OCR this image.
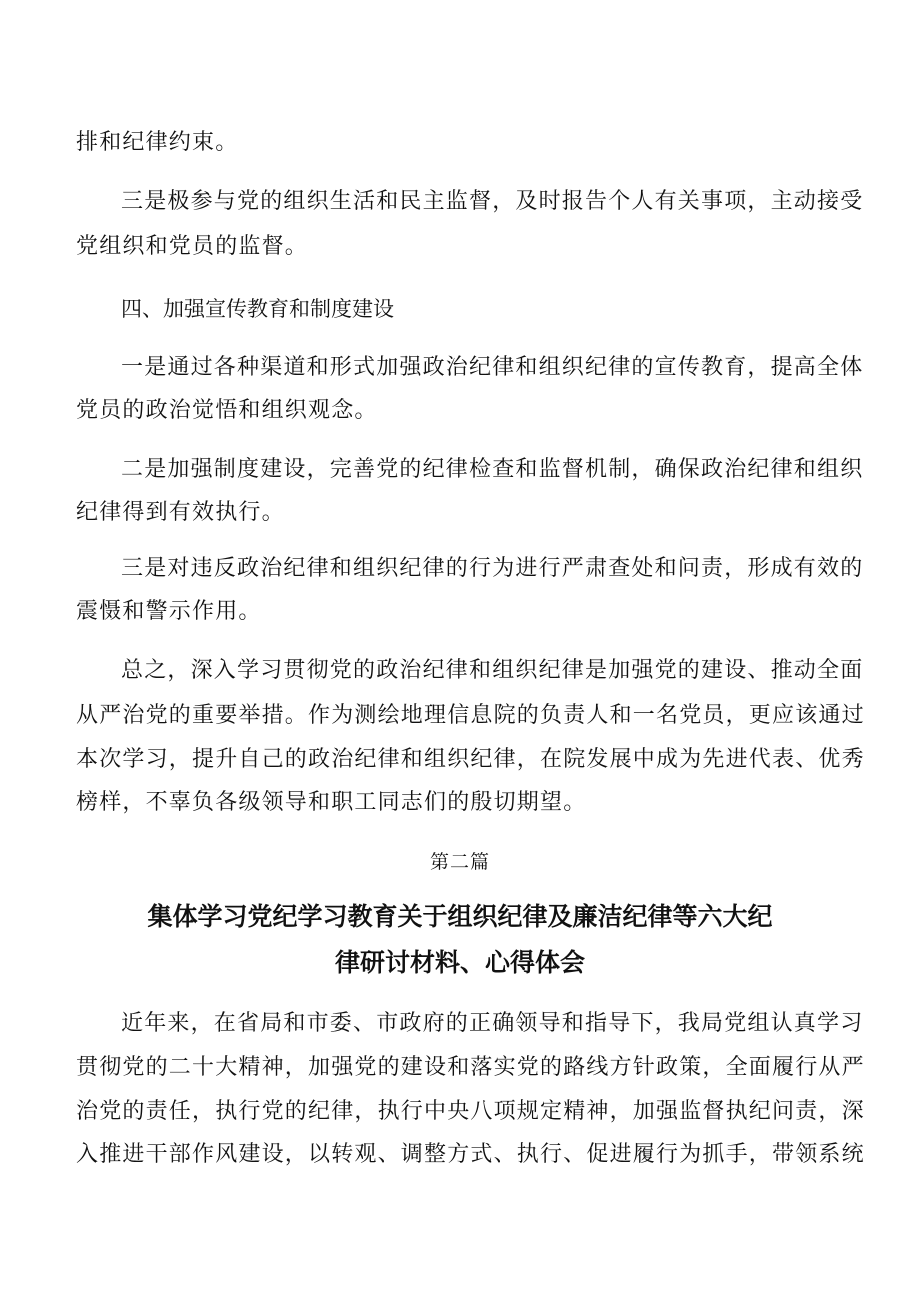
排和纪律约束。
三是极参与党的组织生活和民主监督，及时报告个人有关事项，主动接受
党组织和党员的监督。
四、加强宣传教育和制度建设
一是通过各种渠道和形式加强政治纪律和组织纪律的宣传教育，提高全体
党员的政治觉悟和组织观念。
二是加强制度建设，完善党的纪律检查和监督机制，确保政治纪律和组织
纪律得到有效执行。
三是对违反政治纪律和组织纪律的行为进行严肃查处和问责，形成有效的
震慑和警示作用。
总之，深入学习贯彻党的政治纪律和组织纪律是加强党的建设、推动全面
从严治党的重要举措。作为测绘地理信息院的负责人和一名党员，更应该通过
本次学习，提升自己的政治纪律和组织纪律，在院发展中成为先进代表、优秀
榜样，不辜负各级领导和职工同志们的殷切期望。
第二篇
集体学习党纪学习教育关于组织纪律及廉洁纪律等六大纪
律研讨材料、心得体会
近年来，在省局和市委、市政府的正确领导和指导下，我局党组认真学习
贯彻党的二十大精神，加强党的建设和落实党的路线方针政策，全面履行从严
治党的责任，执行党的纪律，执行中央八项规定精神，加强监督执纪问责，深
入推进干部作风建设，以转观、调整方式、执行、促进履行为抓手，带领系统
